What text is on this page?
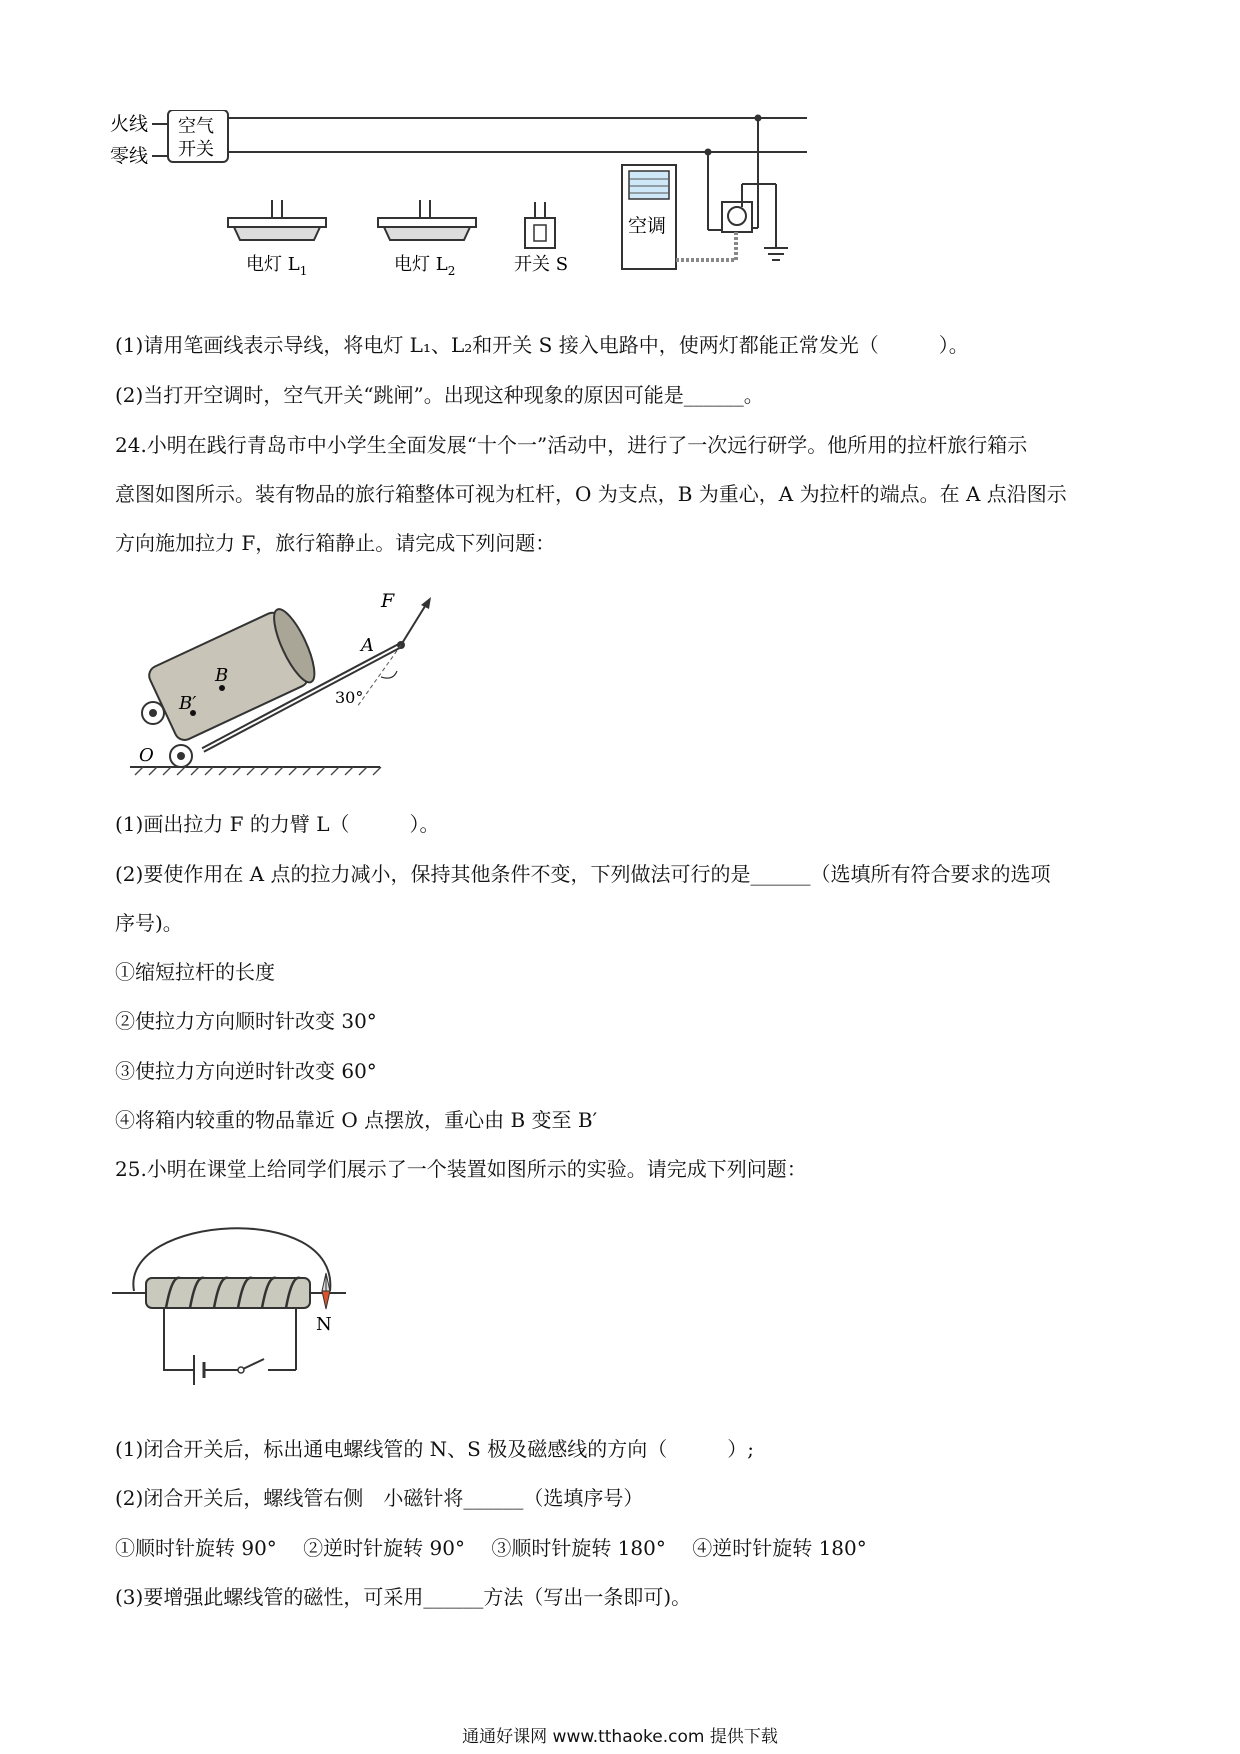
火线
零线
空气
开关
电灯 $L_1$	电灯 $L_2$	开关 S
空调
(1)请用笔画线表示导线，将电灯 L₁、L₂和开关 S 接入电路中，使两灯都能正常发光（　　　）。
(2)当打开空调时，空气开关“跳闸”。出现这种现象的原因可能是______。
24.小明在践行青岛市中小学生全面发展“十个一”活动中，进行了一次远行研学。他所用的拉杆旅行箱示
意图如图所示。装有物品的旅行箱整体可视为杠杆，O 为支点，B 为重心，A 为拉杆的端点。在 A 点沿图示
方向施加拉力 F，旅行箱静止。请完成下列问题：
F
A
B
B′
O
30°
(1)画出拉力 F 的力臂 L（　　　）。
(2)要使作用在 A 点的拉力减小，保持其他条件不变，下列做法可行的是______（选填所有符合要求的选项
序号)。
①缩短拉杆的长度
②使拉力方向顺时针改变 30°
③使拉力方向逆时针改变 60°
④将箱内较重的物品靠近 O 点摆放，重心由 B 变至 B′
25.小明在课堂上给同学们展示了一个装置如图所示的实验。请完成下列问题：
N
(1)闭合开关后，标出通电螺线管的 N、S 极及磁感线的方向（　　　）;
(2)闭合开关后，螺线管右侧　小磁针将______（选填序号）
①顺时针旋转 90°　 ②逆时针旋转 90°　 ③顺时针旋转 180°　 ④逆时针旋转 180°
(3)要增强此螺线管的磁性，可采用______方法（写出一条即可)。
通通好课网 www.tthaoke.com 提供下载
